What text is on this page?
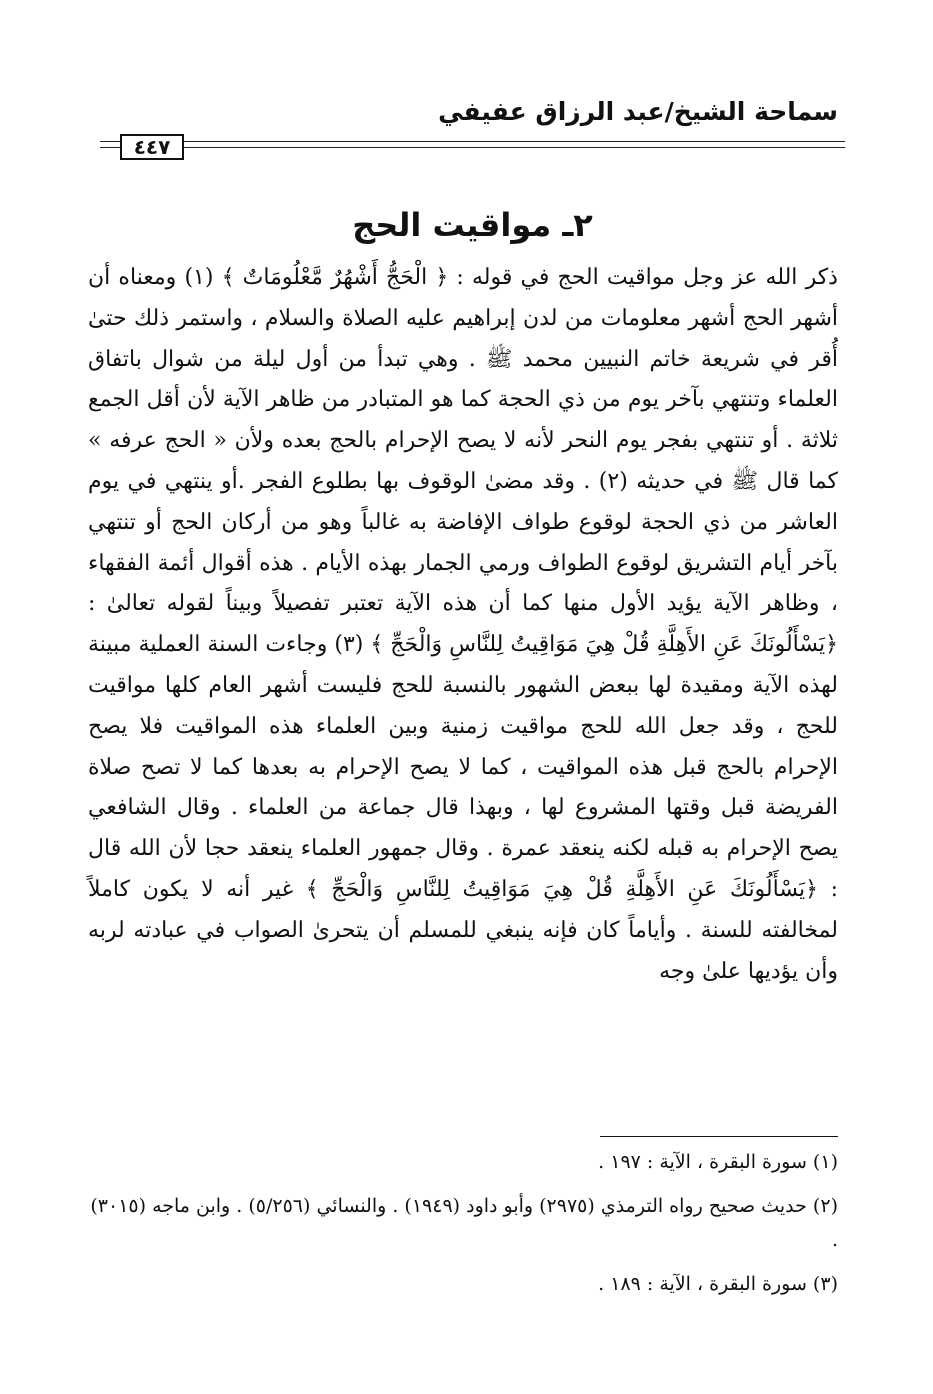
سماحة الشيخ/عبد الرزاق عفيفي
٤٤٧
٢ـ مواقيت الحج
ذكر الله عز وجل مواقيت الحج في قوله : ﴿ الْحَجُّ أَشْهُرٌ مَّعْلُومَاتٌ ﴾ (١) ومعناه أن أشهر الحج أشهر معلومات من لدن إبراهيم عليه الصلاة والسلام ، واستمر ذلك حتىٰ أُقر في شريعة خاتم النبيين محمد ﷺ . وهي تبدأ من أول ليلة من شوال باتفاق العلماء وتنتهي بآخر يوم من ذي الحجة كما هو المتبادر من ظاهر الآية لأن أقل الجمع ثلاثة . أو تنتهي بفجر يوم النحر لأنه لا يصح الإحرام بالحج بعده ولأن « الحج عرفه » كما قال ﷺ في حديثه (٢) . وقد مضىٰ الوقوف بها بطلوع الفجر .أو ينتهي في يوم العاشر من ذي الحجة لوقوع طواف الإفاضة به غالباً وهو من أركان الحج أو تنتهي بآخر أيام التشريق لوقوع الطواف ورمي الجمار بهذه الأيام . هذه أقوال أئمة الفقهاء ، وظاهر الآية يؤيد الأول منها كما أن هذه الآية تعتبر تفصيلاً وبيناً لقوله تعالىٰ : ﴿يَسْأَلُونَكَ عَنِ الأَهِلَّةِ قُلْ هِيَ مَوَاقِيتُ لِلنَّاسِ وَالْحَجِّ ﴾ (٣) وجاءت السنة العملية مبينة لهذه الآية ومقيدة لها ببعض الشهور بالنسبة للحج فليست أشهر العام كلها مواقيت للحج ، وقد جعل الله للحج مواقيت زمنية وبين العلماء هذه المواقيت فلا يصح الإحرام بالحج قبل هذه المواقيت ، كما لا يصح الإحرام به بعدها كما لا تصح صلاة الفريضة قبل وقتها المشروع لها ، وبهذا قال جماعة من العلماء . وقال الشافعي يصح الإحرام به قبله لكنه ينعقد عمرة . وقال جمهور العلماء ينعقد حجا لأن الله قال : ﴿يَسْأَلُونَكَ عَنِ الأَهِلَّةِ قُلْ هِيَ مَوَاقِيتُ لِلنَّاسِ وَالْحَجِّ ﴾ غير أنه لا يكون كاملاً لمخالفته للسنة . وأياماً كان فإنه ينبغي للمسلم أن يتحرىٰ الصواب في عبادته لربه وأن يؤديها علىٰ وجه

(١) سورة البقرة ، الآية : ١٩٧ .

(٢) حديث صحيح رواه الترمذي (٢٩٧٥) وأبو داود (١٩٤٩) . والنسائي (٥/٢٥٦) . وابن ماجه (٣٠١٥) .

(٣) سورة البقرة ، الآية : ١٨٩ .
